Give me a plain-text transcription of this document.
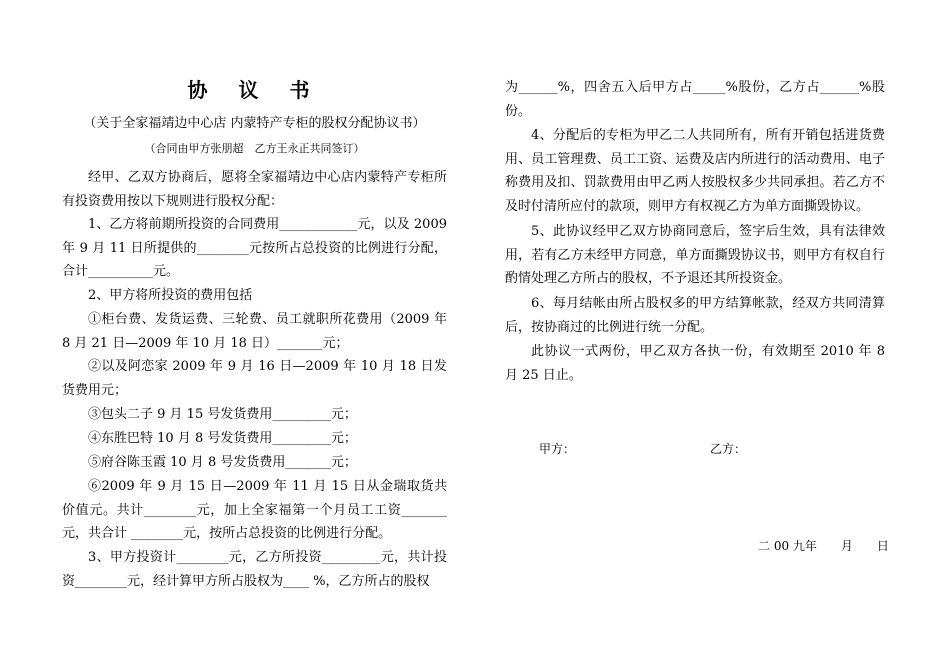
协 议 书
（关于全家福靖边中心店 内蒙特产专柜的股权分配协议书）
（合同由甲方张朋超　乙方王永正共同签订）

经甲、乙双方协商后，愿将全家福靖边中心店内蒙特产专柜所有投资费用按以下规则进行股权分配：

1、乙方将前期所投资的合同费用____________元，以及 2009 年 9 月 11 日所提供的________元按所占总投资的比例进行分配，合计__________元。

2、甲方将所投资的费用包括

①柜台费、发货运费、三轮费、员工就职所花费用（2009 年 8 月 21 日—2009 年 10 月 18 日）_______元；

②以及阿恋家 2009 年 9 月 16 日—2009 年 10 月 18 日发货费用元；

③包头二子 9 月 15 号发货费用_________元；

④东胜巴特 10 月 8 号发货费用_________元；

⑤府谷陈玉霞 10 月 8 号发货费用_______元；

⑥2009 年 9 月 15 日—2009 年 11 月 15 日从金瑞取货共价值元。共计________元，加上全家福第一个月员工工资_______元，共合计 ________元，按所占总投资的比例进行分配。

3、甲方投资计________元，乙方所投资_________元，共计投资________元，经计算甲方所占股权为____ %，乙方所占的股权

为______%，四舍五入后甲方占_____%股份，乙方占______%股份。

4、分配后的专柜为甲乙二人共同所有，所有开销包括进货费用、员工管理费、员工工资、运费及店内所进行的活动费用、电子称费用及扣、罚款费用由甲乙两人按股权多少共同承担。若乙方不及时付清所应付的款项，则甲方有权视乙方为单方面撕毁协议。

5、此协议经甲乙双方协商同意后，签字后生效，具有法律效用，若有乙方未经甲方同意，单方面撕毁协议书，则甲方有权自行酌情处理乙方所占的股权，不予退还其所投资金。

6、每月结帐由所占股权多的甲方结算帐款，经双方共同清算后，按协商过的比例进行统一分配。

此协议一式两份，甲乙双方各执一份，有效期至 2010 年 8 月 25 日止。

甲方：	乙方：
二 00 九年　　月　　日
